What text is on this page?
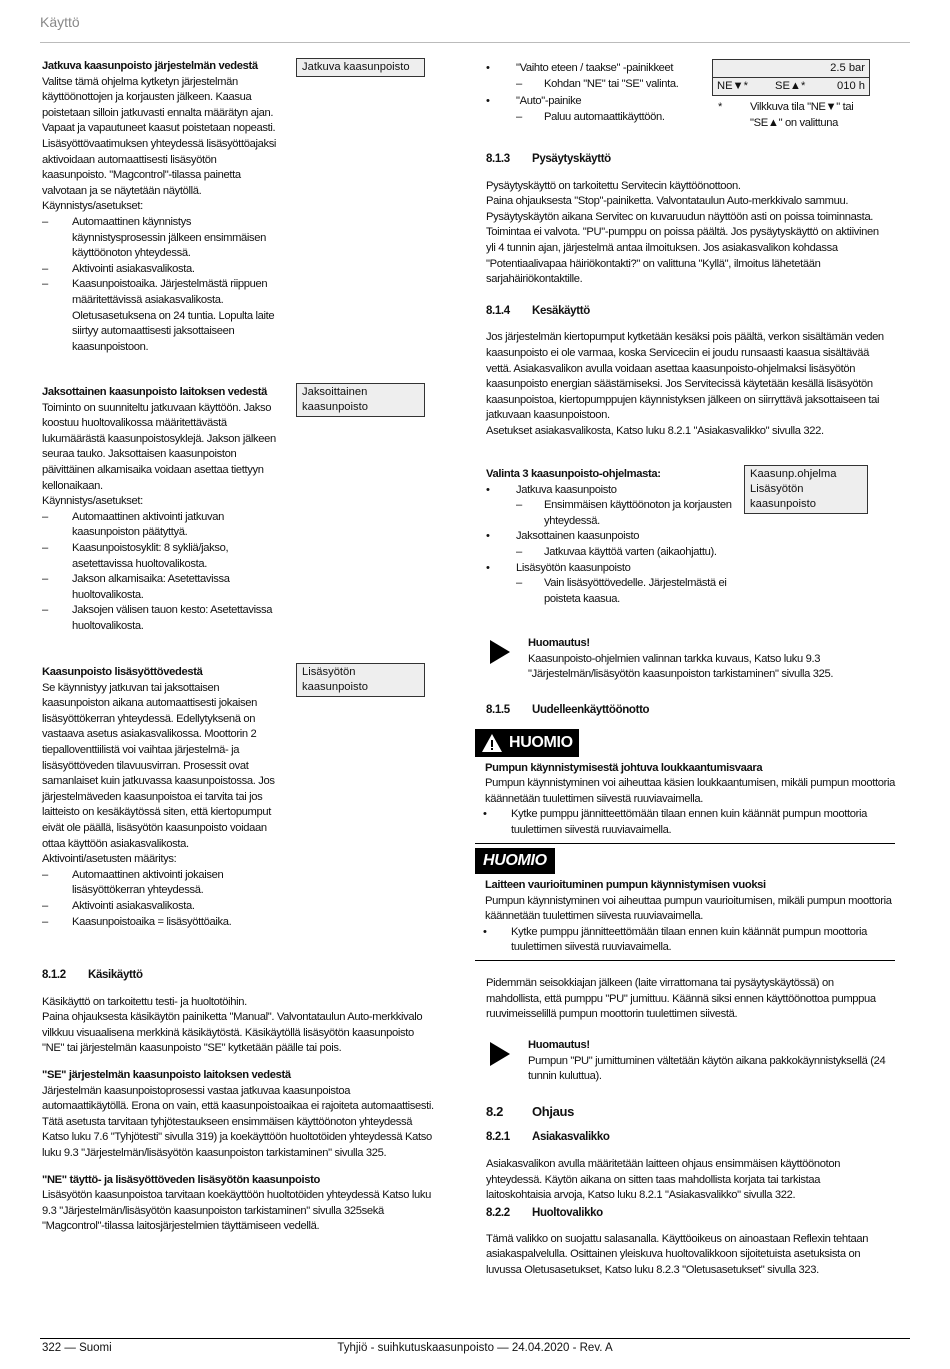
Käyttö
Jatkuva kaasunpoisto

Jatkuva kaasunpoisto järjestelmän vedestä

Valitse tämä ohjelma kytketyn järjestelmän käyttöönottojen ja korjausten jälkeen. Kaasua poistetaan silloin jatkuvasti ennalta määrätyn ajan. Vapaat ja vapautuneet kaasut poistetaan nopeasti. Lisäsyöttövaatimuksen yhteydessä lisäsyöttöajaksi aktivoidaan automaattisesti lisäsyötön kaasunpoisto. "Magcontrol"-tilassa painetta valvotaan ja se näytetään näytöllä.

Käynnistys/asetukset:

– Automaattinen käynnistys käynnistysprosessin jälkeen ensimmäisen käyttöönoton yhteydessä.

– Aktivointi asiakasvalikosta.

– Kaasunpoistoaika. Järjestelmästä riippuen määritettävissä asiakasvalikosta. Oletusasetuksena on 24 tuntia. Lopulta laite siirtyy automaattisesti jaksottaiseen kaasunpoistoon.

Jaksoittainen kaasunpoisto

Jaksottainen kaasunpoisto laitoksen vedestä

Toiminto on suunniteltu jatkuvaan käyttöön. Jakso koostuu huoltovalikossa määritettävästä lukumäärästä kaasunpoistosyklejä. Jakson jälkeen seuraa tauko. Jaksottaisen kaasunpoiston päivittäinen alkamisaika voidaan asettaa tiettyyn kellonaikaan.

Käynnistys/asetukset:

– Automaattinen aktivointi jatkuvan kaasunpoiston päätyttyä.

– Kaasunpoistosyklit: 8 sykliä/jakso, asetettavissa huoltovalikosta.

– Jakson alkamisaika: Asetettavissa huoltovalikosta.

– Jaksojen välisen tauon kesto: Asetettavissa huoltovalikosta.

Lisäsyötön kaasunpoisto

Kaasunpoisto lisäsyöttövedestä

Se käynnistyy jatkuvan tai jaksottaisen kaasunpoiston aikana automaattisesti jokaisen lisäsyöttökerran yhteydessä. Edellytyksenä on vastaava asetus asiakasvalikossa. Moottorin 2 tiepalloventtiilistä voi vaihtaa järjestelmä- ja lisäsyöttöveden tilavuusvirran. Prosessit ovat samanlaiset kuin jatkuvassa kaasunpoistossa. Jos järjestelmäveden kaasunpoistoa ei tarvita tai jos laitteisto on kesäkäytössä siten, että kiertopumput eivät ole päällä, lisäsyötön kaasunpoisto voidaan ottaa käyttöön asiakasvalikosta.

Aktivointi/asetusten määritys:

– Automaattinen aktivointi jokaisen lisäsyöttökerran yhteydessä.

– Aktivointi asiakasvalikosta.

– Kaasunpoistoaika = lisäsyöttöaika.

8.1.2 Käsikäyttö

Käsikäyttö on tarkoitettu testi- ja huoltotöihin.

Paina ohjauksesta käsikäytön painiketta "Manual". Valvontataulun Auto-merkkivalo vilkkuu visuaalisena merkkinä käsikäytöstä. Käsikäytöllä lisäsyötön kaasunpoisto "NE" tai järjestelmän kaasunpoisto "SE" kytketään päälle tai pois.

"SE" järjestelmän kaasunpoisto laitoksen vedestä

Järjestelmän kaasunpoistoprosessi vastaa jatkuvaa kaasunpoistoa automaattikäytöllä. Erona on vain, että kaasunpoistoaikaa ei rajoiteta automaattisesti. Tätä asetusta tarvitaan tyhjötestaukseen ensimmäisen käyttöönoton yhteydessä Katso luku 7.6 "Tyhjötesti" sivulla 319) ja koekäyttöön huoltotöiden yhteydessä Katso luku 9.3 "Järjestelmän/lisäsyötön kaasunpoiston tarkistaminen" sivulla 325.

"NE" täyttö- ja lisäsyöttöveden lisäsyötön kaasunpoisto

Lisäsyötön kaasunpoistoa tarvitaan koekäyttöön huoltotöiden yhteydessä Katso luku 9.3 "Järjestelmän/lisäsyötön kaasunpoiston tarkistaminen" sivulla 325sekä "Magcontrol"-tilassa laitosjärjestelmien täyttämiseen vedellä.

• "Vaihto eteen / taakse" -painikkeet

– Kohdan "NE" tai "SE" valinta.

• "Auto"-painike

– Paluu automaattikäyttöön.

2.5 bar
NE▼*	SE▲*	010 h
* Vilkkuva tila "NE▼" tai "SE▲" on valittuna

8.1.3 Pysäytyskäyttö

Pysäytyskäyttö on tarkoitettu Servitecin käyttöönottoon.

Paina ohjauksesta "Stop"-painiketta. Valvontataulun Auto-merkkivalo sammuu. Pysäytyskäytön aikana Servitec on kuvaruudun näyttöön asti on poissa toiminnasta. Toimintaa ei valvota. "PU"-pumppu on poissa päältä. Jos pysäytyskäyttö on aktiivinen yli 4 tunnin ajan, järjestelmä antaa ilmoituksen. Jos asiakasvalikon kohdassa "Potentiaalivapaa häiriökontakti?" on valittuna "Kyllä", ilmoitus lähetetään sarjahäiriökontaktille.

8.1.4 Kesäkäyttö

Jos järjestelmän kiertopumput kytketään kesäksi pois päältä, verkon sisältämän veden kaasunpoisto ei ole varmaa, koska Serviceciin ei joudu runsaasti kaasua sisältävää vettä. Asiakasvalikon avulla voidaan asettaa kaasunpoisto-ohjelmaksi lisäsyötön kaasunpoisto energian säästämiseksi. Jos Servitecissä käytetään kesällä lisäsyötön kaasunpoistoa, kiertopumppujen käynnistyksen jälkeen on siirryttävä jaksottaiseen tai jatkuvaan kaasunpoistoon.

Asetukset asiakasvalikosta, Katso luku 8.2.1 "Asiakasvalikko" sivulla 322.

Kaasunp.ohjelma
Lisäsyötön kaasunpoisto

Valinta 3 kaasunpoisto-ohjelmasta:

• Jatkuva kaasunpoisto

– Ensimmäisen käyttöönoton ja korjausten yhteydessä.

• Jaksottainen kaasunpoisto

– Jatkuvaa käyttöä varten (aikaohjattu).

• Lisäsyötön kaasunpoisto

– Vain lisäsyöttövedelle. Järjestelmästä ei poisteta kaasua.

Huomautus!

Kaasunpoisto-ohjelmien valinnan tarkka kuvaus, Katso luku 9.3 "Järjestelmän/lisäsyötön kaasunpoiston tarkistaminen" sivulla 325.

8.1.5 Uudelleenkäyttöönotto

HUOMIO

Pumpun käynnistymisestä johtuva loukkaantumisvaara

Pumpun käynnistyminen voi aiheuttaa käsien loukkaantumisen, mikäli pumpun moottoria käännetään tuulettimen siivestä ruuviavaimella.

• Kytke pumppu jännitteettömään tilaan ennen kuin käännät pumpun moottoria tuulettimen siivestä ruuviavaimella.

HUOMIO

Laitteen vaurioituminen pumpun käynnistymisen vuoksi

Pumpun käynnistyminen voi aiheuttaa pumpun vaurioitumisen, mikäli pumpun moottoria käännetään tuulettimen siivesta ruuviavaimella.

• Kytke pumppu jännitteettömään tilaan ennen kuin käännät pumpun moottoria tuulettimen siivestä ruuviavaimella.

Pidemmän seisokkiajan jälkeen (laite virrattomana tai pysäytyskäytössä) on mahdollista, että pumppu "PU" jumittuu. Käännä siksi ennen käyttöönottoa pumppua ruuvimeisselillä pumpun moottorin tuulettimen siivestä.

Huomautus!

Pumpun "PU" jumittuminen vältetään käytön aikana pakkokäynnistyksellä (24 tunnin kuluttua).

8.2 Ohjaus

8.2.1 Asiakasvalikko

Asiakasvalikon avulla määritetään laitteen ohjaus ensimmäisen käyttöönoton yhteydessä. Käytön aikana on sitten taas mahdollista korjata tai tarkistaa laitoskohtaisia arvoja, Katso luku 8.2.1 "Asiakasvalikko" sivulla 322.

8.2.2 Huoltovalikko

Tämä valikko on suojattu salasanalla. Käyttöoikeus on ainoastaan Reflexin tehtaan asiakaspalvelulla. Osittainen yleiskuva huoltovalikkoon sijoitetuista asetuksista on luvussa Oletusasetukset, Katso luku 8.2.3 "Oletusasetukset" sivulla 323.

322 — Suomi	Tyhjiö - suihkutuskaasunpoisto — 24.04.2020 - Rev. A
